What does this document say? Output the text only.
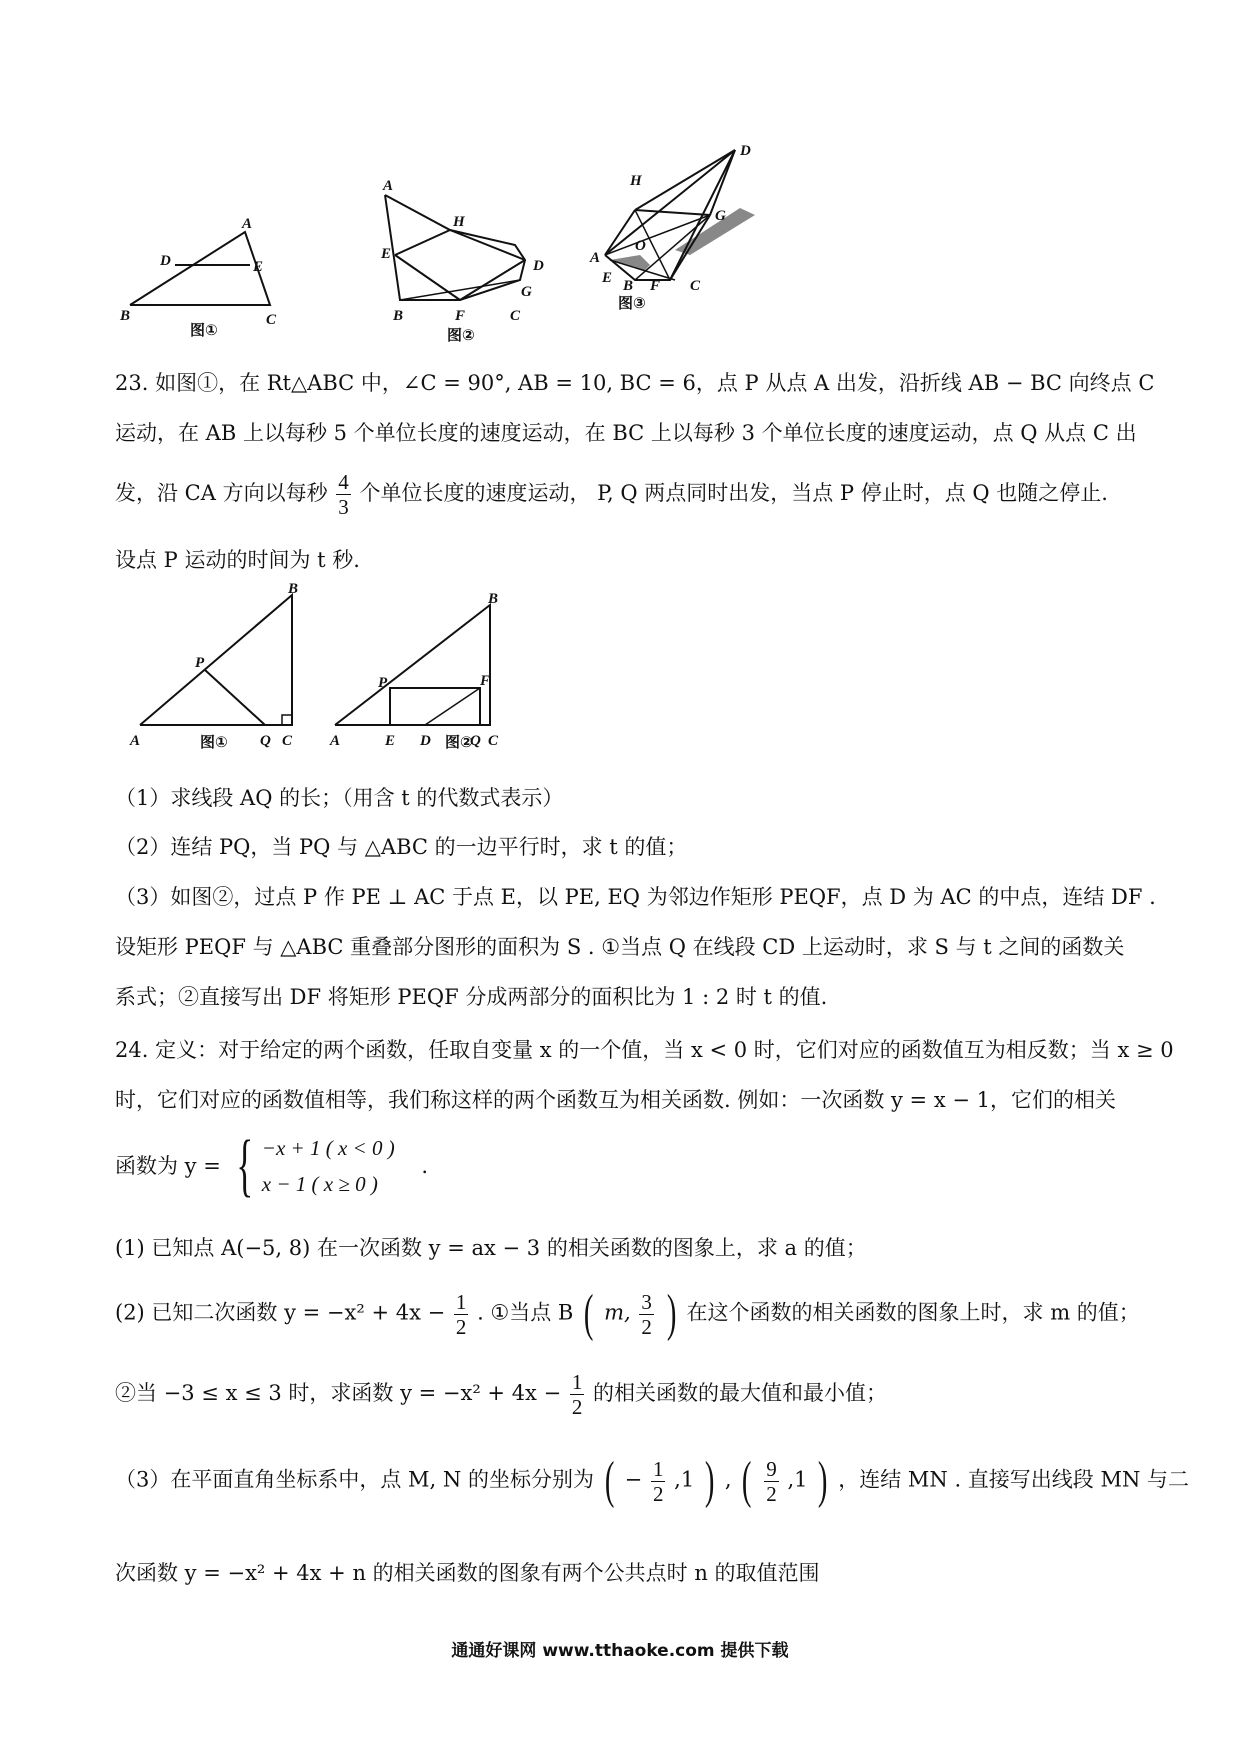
A
B	C
D	E
图①
A
H
E
D
G
B	F	C
图②
D
H
G
A
O
E B F C
图③
23. 如图①，在 Rt△ABC 中，∠C = 90°, AB = 10, BC = 6，点 P 从点 A 出发，沿折线 AB − BC 向终点 C
运动，在 AB 上以每秒 5 个单位长度的速度运动，在 BC 上以每秒 3 个单位长度的速度运动，点 Q 从点 C 出
发，沿 CA 方向以每秒 $\frac{4}{3}$ 个单位长度的速度运动， P, Q 两点同时出发，当点 P 停止时，点 Q 也随之停止.
设点 P 运动的时间为 t 秒.
B
P
A	Q C
图①
B
P	F
A	E D	Q C
图②
（1）求线段 AQ 的长；（用含 t 的代数式表示）
（2）连结 PQ，当 PQ 与 △ABC 的一边平行时，求 t 的值；
（3）如图②，过点 P 作 PE ⊥ AC 于点 E，以 PE, EQ 为邻边作矩形 PEQF，点 D 为 AC 的中点，连结 DF .
设矩形 PEQF 与 △ABC 重叠部分图形的面积为 S . ①当点 Q 在线段 CD 上运动时，求 S 与 t 之间的函数关
系式；②直接写出 DF 将矩形 PEQF 分成两部分的面积比为 1 : 2 时 t 的值.
24. 定义：对于给定的两个函数，任取自变量 x 的一个值，当 x < 0 时，它们对应的函数值互为相反数；当 x ≥ 0
时，它们对应的函数值相等，我们称这样的两个函数互为相关函数. 例如：一次函数 y = x − 1，它们的相关
函数为 y = { −x + 1 ( x < 0 )
x − 1 ( x ≥ 0 )
.
(1) 已知点 A(−5, 8) 在一次函数 y = ax − 3 的相关函数的图象上，求 a 的值；
(2) 已知二次函数 $y = -x^2 + 4x - \frac{1}{2}$ . ①当点 B ( m, $\frac{3}{2}$ ) 在这个函数的相关函数的图象上时，求 m 的值；
②当 −3 ≤ x ≤ 3 时，求函数 $y = -x^2 + 4x - \frac{1}{2}$ 的相关函数的最大值和最小值；
（3）在平面直角坐标系中，点 M, N 的坐标分别为 ( − $\frac{1}{2} ,1$ ) , ( $\frac{9}{2} ,1$ ) ，连结 MN . 直接写出线段 MN 与二
次函数 y = −x² + 4x + n 的相关函数的图象有两个公共点时 n 的取值范围
通通好课网 www.tthaoke.com 提供下载
